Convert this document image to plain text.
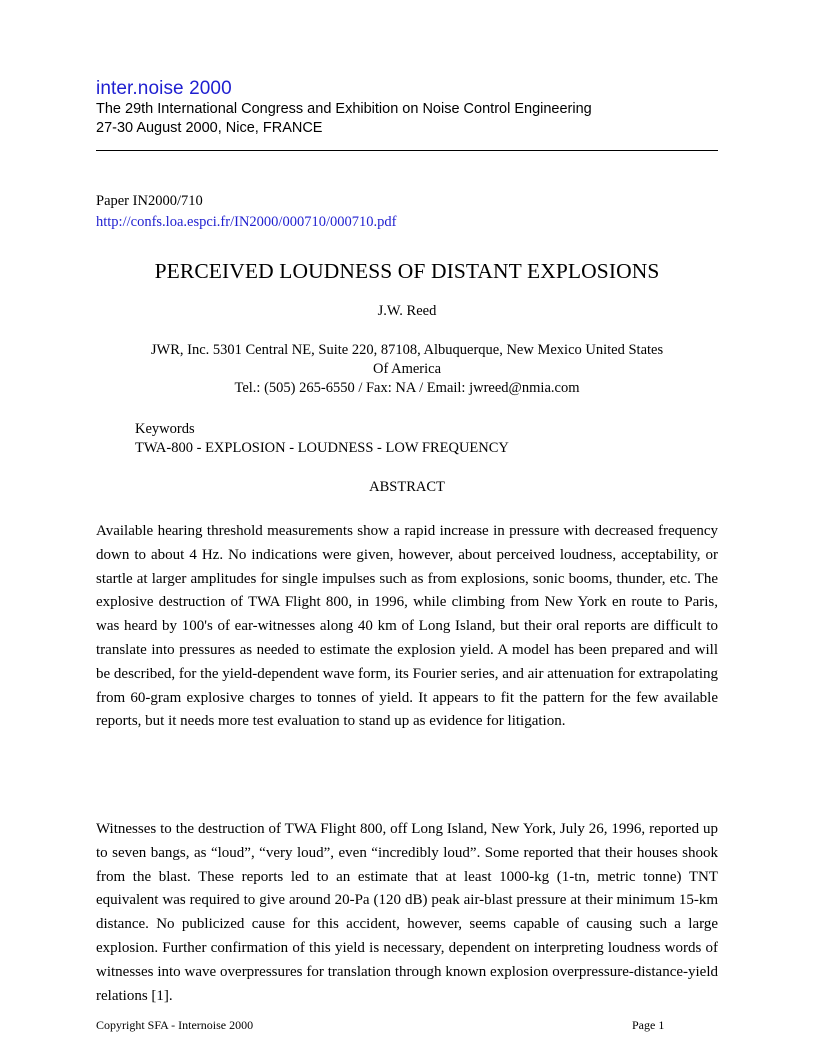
inter.noise 2000
The 29th International Congress and Exhibition on Noise Control Engineering
27-30 August 2000, Nice, FRANCE
Paper IN2000/710
http://confs.loa.espci.fr/IN2000/000710/000710.pdf
PERCEIVED LOUDNESS OF DISTANT EXPLOSIONS
J.W. Reed
JWR, Inc. 5301 Central NE, Suite 220, 87108, Albuquerque, New Mexico United States
Of America
Tel.: (505) 265-6550 / Fax: NA / Email: jwreed@nmia.com
Keywords
TWA-800 - EXPLOSION - LOUDNESS - LOW FREQUENCY
ABSTRACT
Available hearing threshold measurements show a rapid increase in pressure with decreased frequency down to about 4 Hz. No indications were given, however, about perceived loudness, acceptability, or startle at larger amplitudes for single impulses such as from explosions, sonic booms, thunder, etc. The explosive destruction of TWA Flight 800, in 1996, while climbing from New York en route to Paris, was heard by 100's of ear-witnesses along 40 km of Long Island, but their oral reports are difficult to translate into pressures as needed to estimate the explosion yield. A model has been prepared and will be described, for the yield-dependent wave form, its Fourier series, and air attenuation for extrapolating from 60-gram explosive charges to tonnes of yield. It appears to fit the pattern for the few available reports, but it needs more test evaluation to stand up as evidence for litigation.
Witnesses to the destruction of TWA Flight 800, off Long Island, New York, July 26, 1996, reported up to seven bangs, as “loud”, “very loud”, even “incredibly loud”. Some reported that their houses shook from the blast. These reports led to an estimate that at least 1000-kg (1-tn, metric tonne) TNT equivalent was required to give around 20-Pa (120 dB) peak air-blast pressure at their minimum 15-km distance. No publicized cause for this accident, however, seems capable of causing such a large explosion. Further confirmation of this yield is necessary, dependent on interpreting loudness words of witnesses into wave overpressures for translation through known explosion overpressure-distance-yield relations [1].
Copyright SFA - Internoise 2000	Page 1
